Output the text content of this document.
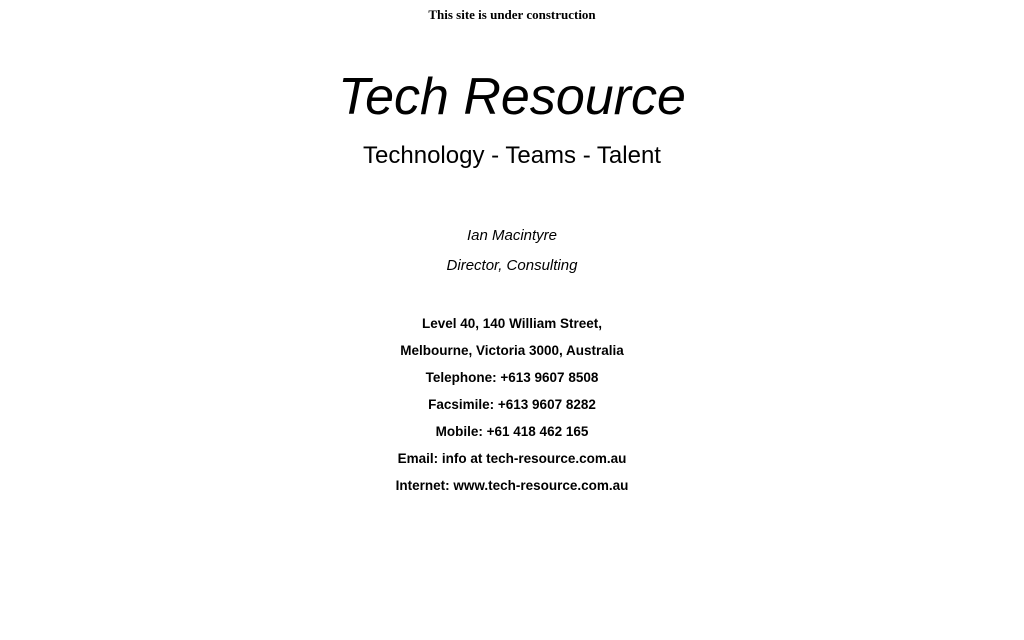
This site is under construction

Tech Resource

Technology - Teams - Talent

Ian Macintyre

Director, Consulting

Level 40, 140 William Street,

Melbourne, Victoria 3000, Australia

Telephone: +613 9607 8508

Facsimile: +613 9607 8282

Mobile: +61 418 462 165

Email: info at tech-resource.com.au

Internet: www.tech-resource.com.au
